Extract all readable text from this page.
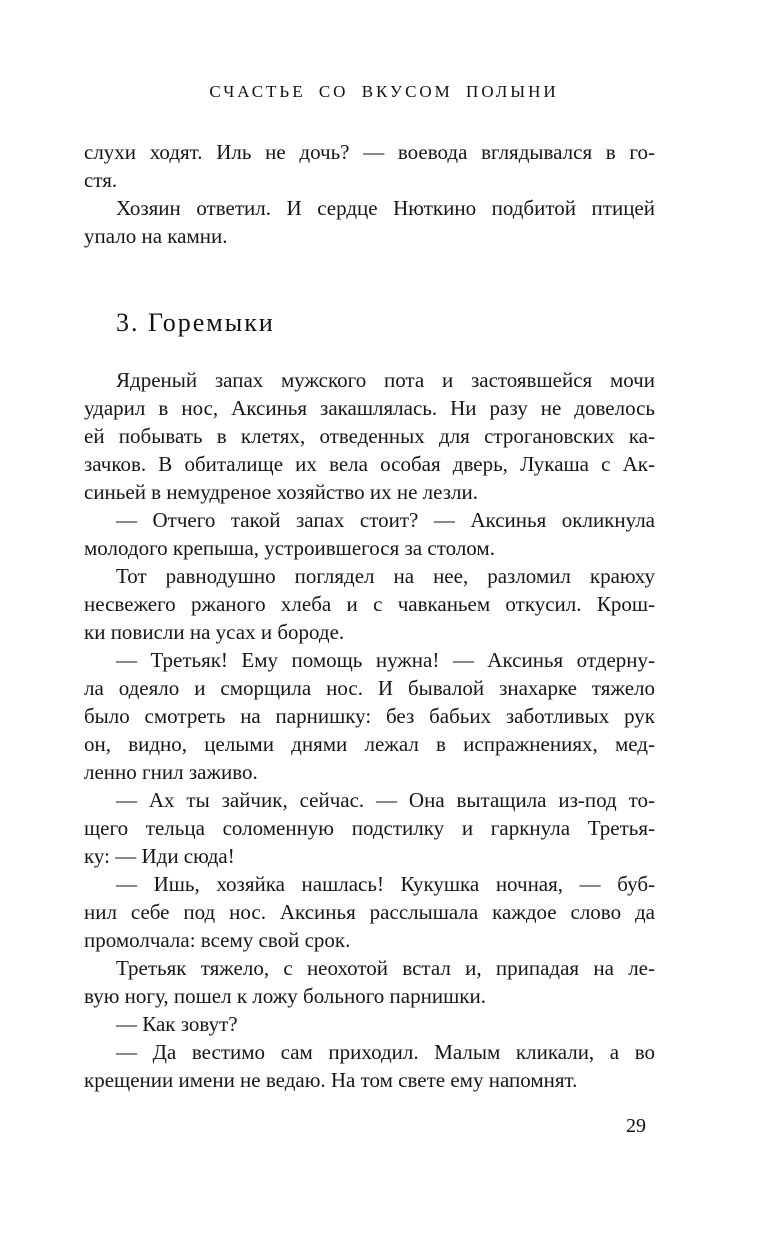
СЧАСТЬЕ СО ВКУСОМ ПОЛЫНИ
слухи ходят. Иль не дочь? — воевода вглядывался в го-
стя.
Хозяин ответил. И сердце Нюткино подбитой птицей
упало на камни.
3. Горемыки
Ядреный запах мужского пота и застоявшейся мочи
ударил в нос, Аксинья закашлялась. Ни разу не довелось
ей побывать в клетях, отведенных для строгановских ка-
зачков. В обиталище их вела особая дверь, Лукаша с Ак-
синьей в немудреное хозяйство их не лезли.
— Отчего такой запах стоит? — Аксинья окликнула
молодого крепыша, устроившегося за столом.
Тот равнодушно поглядел на нее, разломил краюху
несвежего ржаного хлеба и с чавканьем откусил. Крош-
ки повисли на усах и бороде.
— Третьяк! Ему помощь нужна! — Аксинья отдерну-
ла одеяло и сморщила нос. И бывалой знахарке тяжело
было смотреть на парнишку: без бабьих заботливых рук
он, видно, целыми днями лежал в испражнениях, мед-
ленно гнил заживо.
— Ах ты зайчик, сейчас. — Она вытащила из-под то-
щего тельца соломенную подстилку и гаркнула Третья-
ку: — Иди сюда!
— Ишь, хозяйка нашлась! Кукушка ночная, — буб-
нил себе под нос. Аксинья расслышала каждое слово да
промолчала: всему свой срок.
Третьяк тяжело, с неохотой встал и, припадая на ле-
вую ногу, пошел к ложу больного парнишки.
— Как зовут?
— Да вестимо сам приходил. Малым кликали, а во
крещении имени не ведаю. На том свете ему напомнят.
29
